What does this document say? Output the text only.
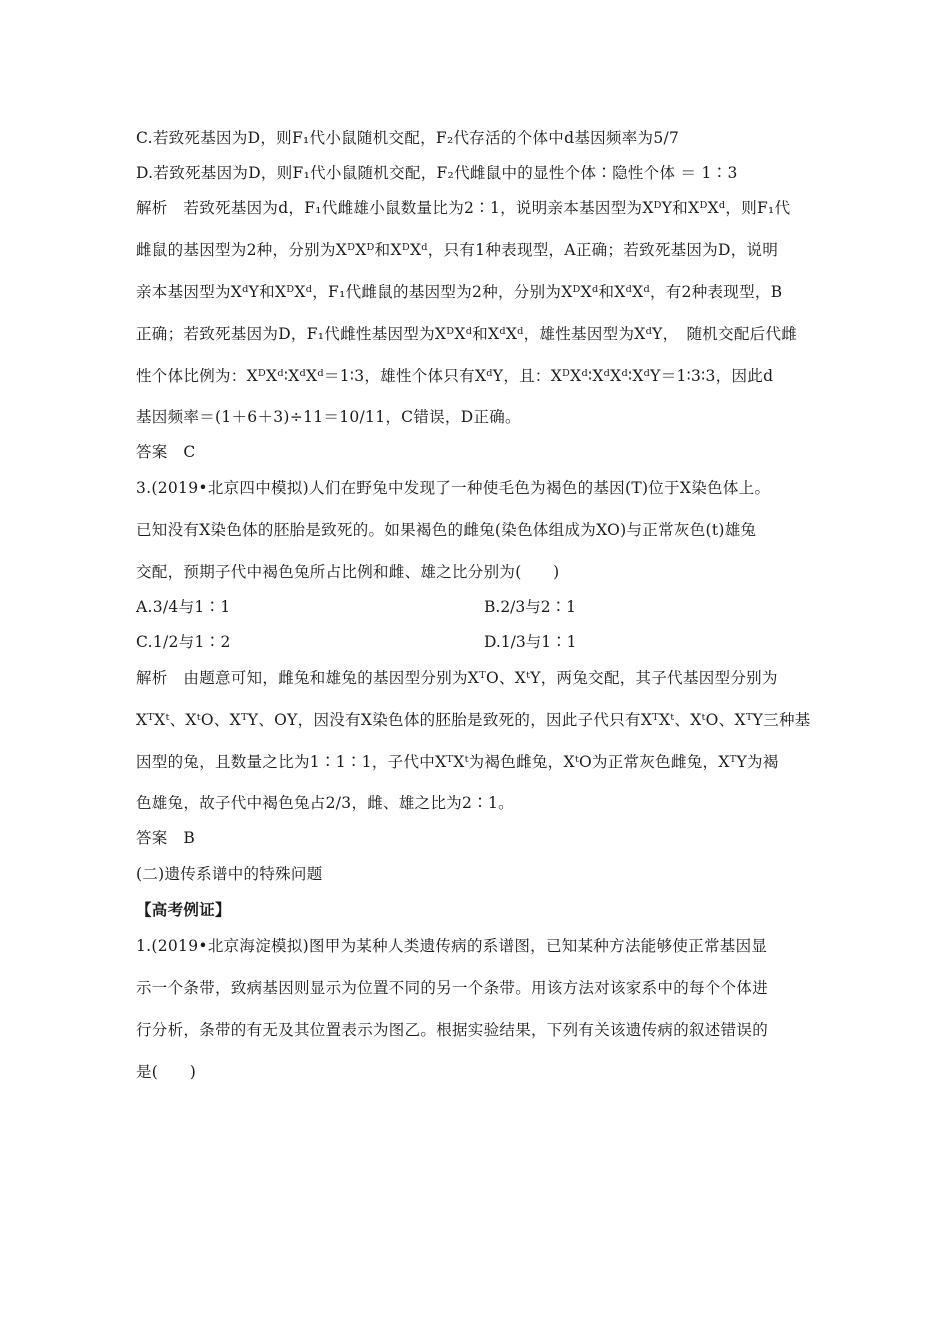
C.若致死基因为D，则F₁代小鼠随机交配，F₂代存活的个体中d基因频率为5/7
D.若致死基因为D，则F₁代小鼠随机交配，F₂代雌鼠中的显性个体∶隐性个体 ＝ 1∶3
解析　若致死基因为d，F₁代雌雄小鼠数量比为2∶1，说明亲本基因型为XᴰY和XᴰXᵈ，则F₁代
雌鼠的基因型为2种，分别为XᴰXᴰ和XᴰXᵈ，只有1种表现型，A正确；若致死基因为D，说明
亲本基因型为XᵈY和XᴰXᵈ，F₁代雌鼠的基因型为2种，分别为XᴰXᵈ和XᵈXᵈ，有2种表现型，B
正确；若致死基因为D，F₁代雌性基因型为XᴰXᵈ和XᵈXᵈ，雄性基因型为XᵈY，　随机交配后代雌
性个体比例为：XᴰXᵈ∶XᵈXᵈ＝1∶3，雄性个体只有XᵈY，且：XᴰXᵈ∶XᵈXᵈ∶XᵈY＝1∶3∶3，因此d
基因频率＝(1＋6＋3)÷11＝10/11，C错误，D正确。
答案　C
3.(2019•北京四中模拟)人们在野兔中发现了一种使毛色为褐色的基因(T)位于X染色体上。
已知没有X染色体的胚胎是致死的。如果褐色的雌兔(染色体组成为XO)与正常灰色(t)雄兔
交配，预期子代中褐色兔所占比例和雌、雄之比分别为(　　)
A.3/4与1∶1	B.2/3与2∶1
C.1/2与1∶2	D.1/3与1∶1
解析　由题意可知，雌兔和雄兔的基因型分别为XᵀO、XᵗY，两兔交配，其子代基因型分别为
XᵀXᵗ、XᵗO、XᵀY、OY，因没有X染色体的胚胎是致死的，因此子代只有XᵀXᵗ、XᵗO、XᵀY三种基
因型的兔，且数量之比为1∶1∶1，子代中XᵀXᵗ为褐色雌兔，XᵗO为正常灰色雌兔，XᵀY为褐
色雄兔，故子代中褐色兔占2/3，雌、雄之比为2∶1。
答案　B
(二)遗传系谱中的特殊问题
【高考例证】
1.(2019•北京海淀模拟)图甲为某种人类遗传病的系谱图，已知某种方法能够使正常基因显
示一个条带，致病基因则显示为位置不同的另一个条带。用该方法对该家系中的每个个体进
行分析，条带的有无及其位置表示为图乙。根据实验结果，下列有关该遗传病的叙述错误的
是(　　)
